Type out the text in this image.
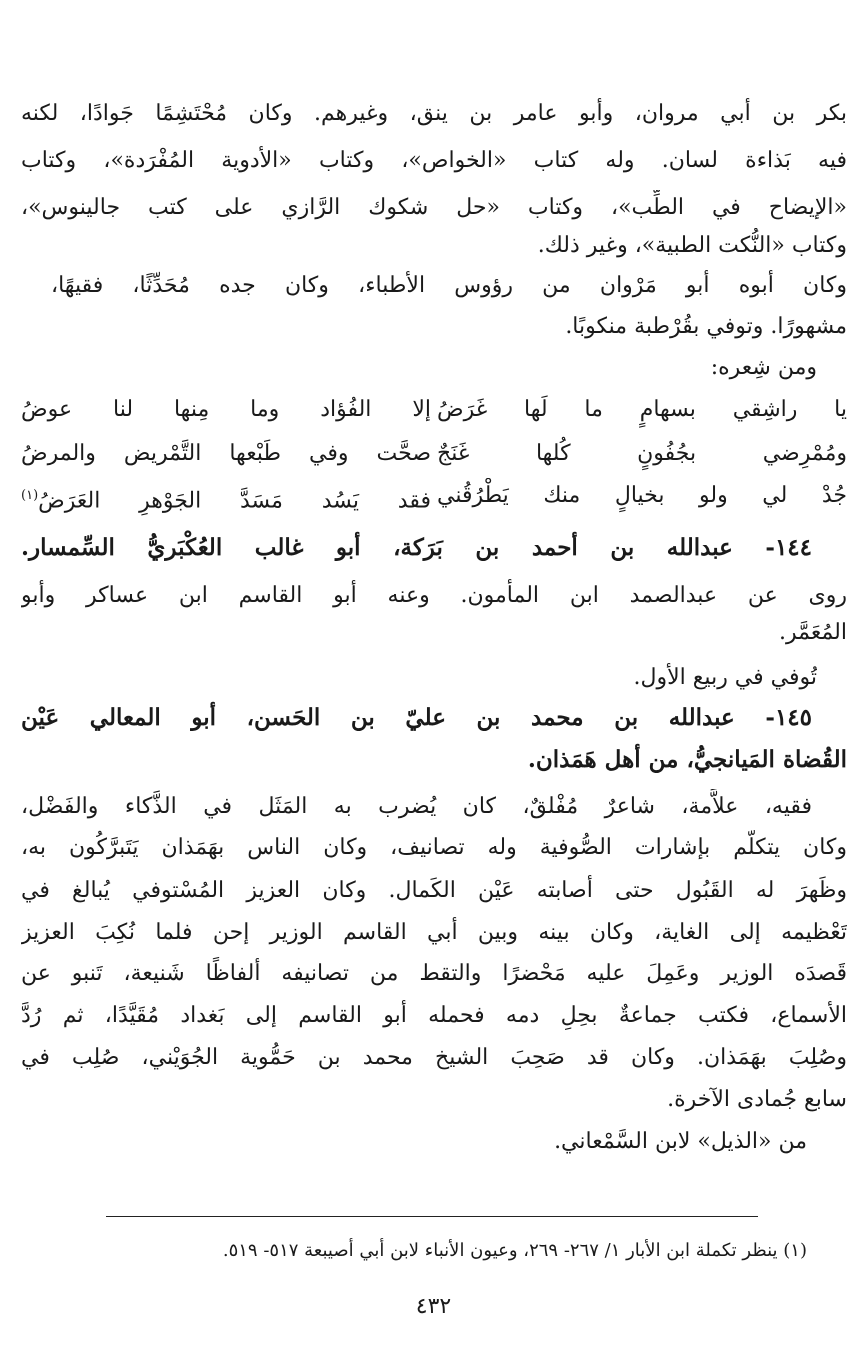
بكر بن أبي مروان، وأبو عامر بن ينق، وغيرهم. وكان مُحْتَشِمًا جَوادًا، لكنه
فيه بَذاءة لسان. وله كتاب «الخواص»، وكتاب «الأدوية المُفْرَدة»، وكتاب
«الإيضاح في الطِّب»، وكتاب «حل شكوك الرَّازي على كتب جالينوس»،
وكتاب «النُّكت الطبية»، وغير ذلك.
وكان أبوه أبو مَرْوان من رؤوس الأطباء، وكان جده مُحَدِّثًا، فقيهًا،
مشهورًا. وتوفي بقُرْطبة منكوبًا.
ومن شِعره:
يا راشِقي بسهامٍ ما لَها غَرَضُ
إلا الفُؤاد وما مِنها لنا عوضُ
ومُمْرِضي بجُفُونٍ كُلها غَنَجٌ
صحَّت وفي طَبْعها التَّمْريض والمرضُ
جُدْ لي ولو بخيالٍ منك يَطْرُقُني
فقد يَسُد مَسَدَّ الجَوْهرِ العَرَضُ$^{(١)}$
١٤٤- عبدالله بن أحمد بن بَرَكة، أبو غالب العُكْبَريُّ السِّمسار.
روى عن عبدالصمد ابن المأمون. وعنه أبو القاسم ابن عساكر وأبو
المُعَمَّر.
تُوفي في ربيع الأول.
١٤٥- عبدالله بن محمد بن عليّ بن الحَسن، أبو المعالي عَيْن
القُضاة المَيانجيُّ، من أهل هَمَذان.
فقيه، علاَّمة، شاعرٌ مُفْلقٌ، كان يُضرب به المَثَل في الذَّكاء والفَضْل،
وكان يتكلّم بإشارات الصُّوفية وله تصانيف، وكان الناس بهَمَذان يَتَبرَّكُون به،
وظَهرَ له القَبُول حتى أصابته عَيْن الكَمال. وكان العزيز المُسْتوفي يُبالغ في
تَعْظيمه إلى الغاية، وكان بينه وبين أبي القاسم الوزير إحن فلما نُكِبَ العزيز
قَصدَه الوزير وعَمِلَ عليه مَحْضرًا والتقط من تصانيفه ألفاظًا شَنيعة، تَنبو عن
الأسماع، فكتب جماعةٌ بحِلِ دمه فحمله أبو القاسم إلى بَغداد مُقَيَّدًا، ثم رُدَّ
وصُلِبَ بهَمَذان. وكان قد صَحِبَ الشيخ محمد بن حَمُّوية الجُوَيْني، صُلِب في
سابع جُمادى الآخرة.
من «الذيل» لابن السَّمْعاني.
(١) ينظر تكملة ابن الأبار ١/ ٢٦٧- ٢٦٩، وعيون الأنباء لابن أبي أصيبعة ٥١٧- ٥١٩.
٤٣٢
